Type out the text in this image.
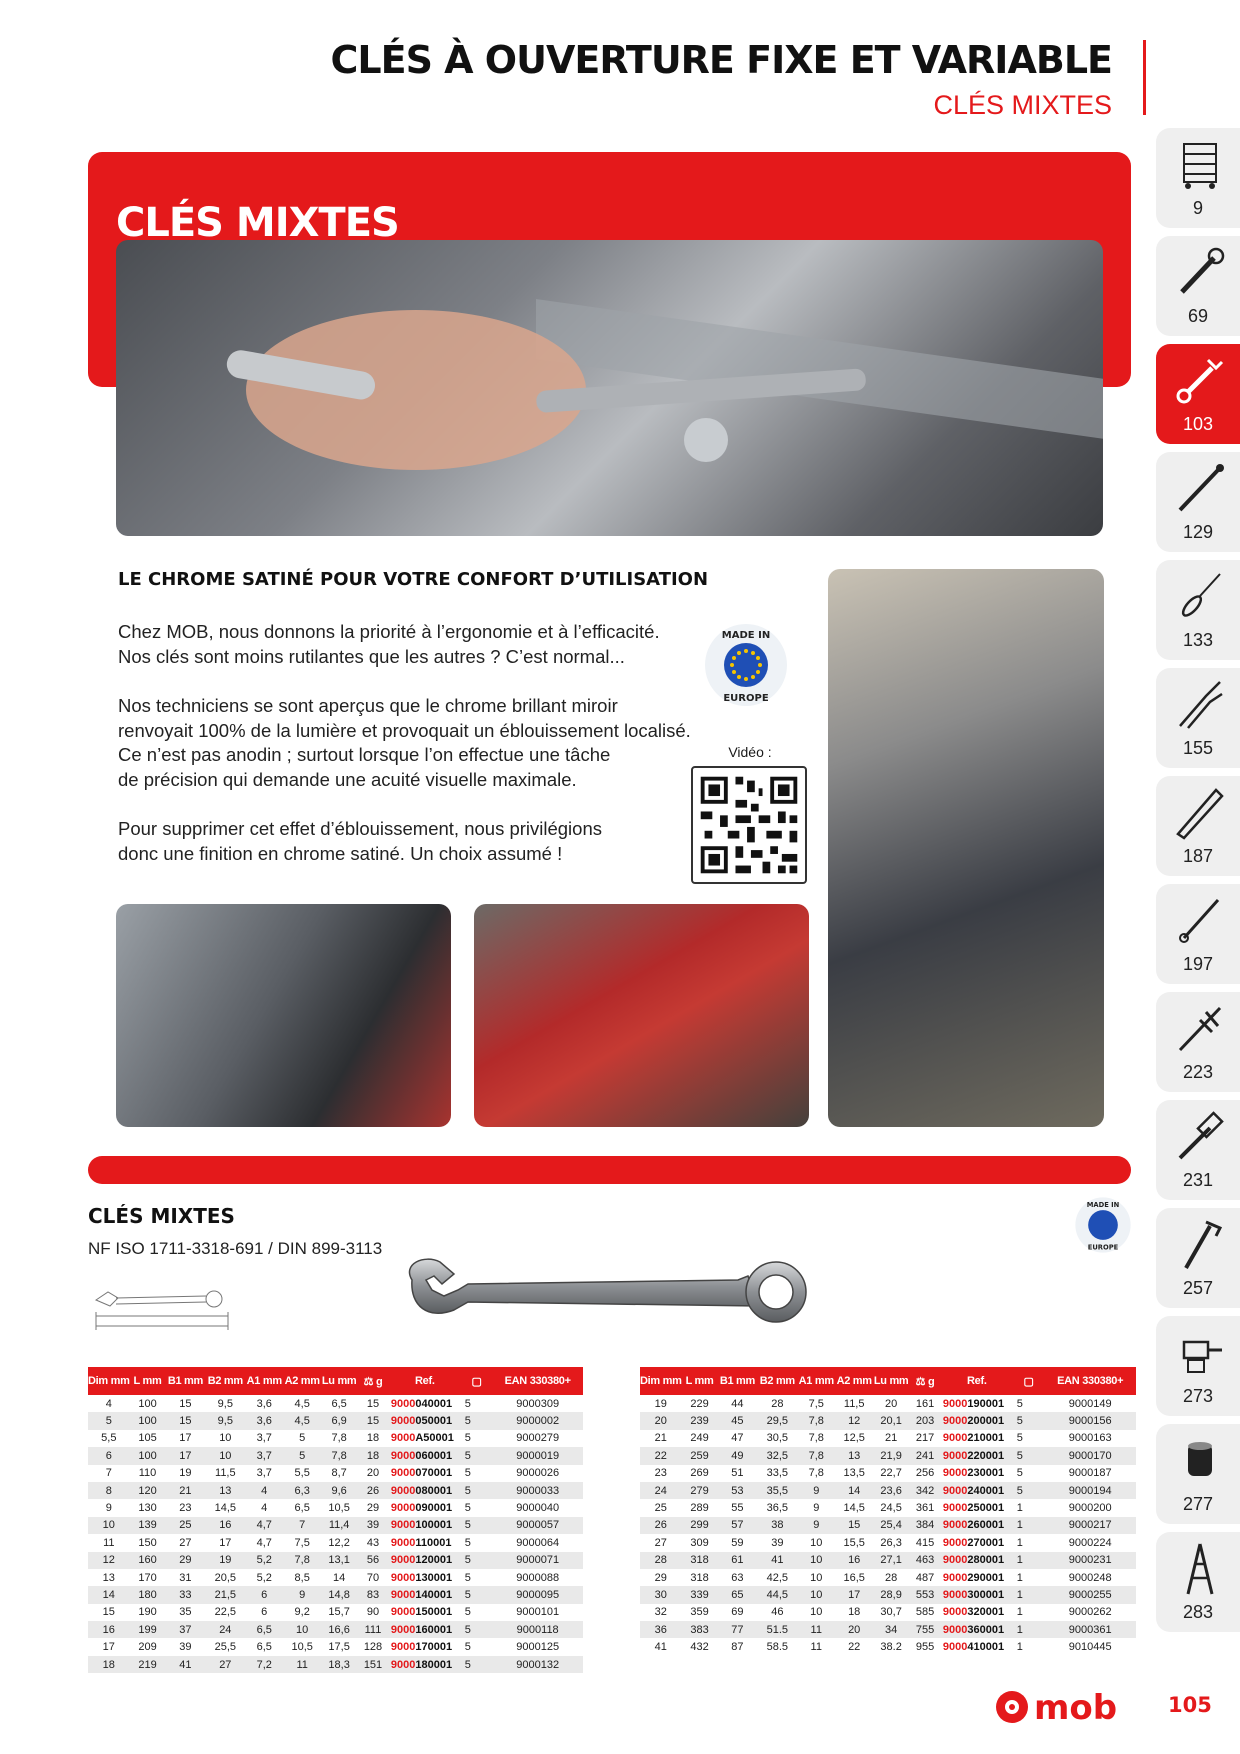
CLÉS À OUVERTURE FIXE ET VARIABLE
CLÉS MIXTES
9
69
103
129
133
155
187
197
223
231
257
273
277
283
CLÉS MIXTES
LE CHROME SATINÉ POUR VOTRE CONFORT D’UTILISATION
Chez MOB, nous donnons la priorité à l’ergonomie et à l’efficacité.
Nos clés sont moins rutilantes que les autres ? C’est normal...
Nos techniciens se sont aperçus que le chrome brillant miroir
renvoyait 100% de la lumière et provoquait un éblouissement localisé.
Ce n’est pas anodin ; surtout lorsque l’on effectue une tâche
de précision qui demande une acuité visuelle maximale.
Pour supprimer cet effet d’éblouissement, nous privilégions
donc une finition en chrome satiné. Un choix assumé !
MADE IN
EUROPE
Vidéo :
CLÉS MIXTES
NF ISO 1711-3318-691 / DIN 899-3113
MADE IN
EUROPE
Dim mm	L mm	B1 mm	B2 mm	A1 mm	A2 mm	Lu mm	⚖ g	Ref.	▢	EAN 330380+
4	100	15	9,5	3,6	4,5	6,5	15	9000040001	5	9000309
5	100	15	9,5	3,6	4,5	6,9	15	9000050001	5	9000002
5,5	105	17	10	3,7	5	7,8	18	9000A50001	5	9000279
6	100	17	10	3,7	5	7,8	18	9000060001	5	9000019
7	110	19	11,5	3,7	5,5	8,7	20	9000070001	5	9000026
8	120	21	13	4	6,3	9,6	26	9000080001	5	9000033
9	130	23	14,5	4	6,5	10,5	29	9000090001	5	9000040
10	139	25	16	4,7	7	11,4	39	9000100001	5	9000057
11	150	27	17	4,7	7,5	12,2	43	9000110001	5	9000064
12	160	29	19	5,2	7,8	13,1	56	9000120001	5	9000071
13	170	31	20,5	5,2	8,5	14	70	9000130001	5	9000088
14	180	33	21,5	6	9	14,8	83	9000140001	5	9000095
15	190	35	22,5	6	9,2	15,7	90	9000150001	5	9000101
16	199	37	24	6,5	10	16,6	111	9000160001	5	9000118
17	209	39	25,5	6,5	10,5	17,5	128	9000170001	5	9000125
18	219	41	27	7,2	11	18,3	151	9000180001	5	9000132
Dim mm	L mm	B1 mm	B2 mm	A1 mm	A2 mm	Lu mm	⚖ g	Ref.	▢	EAN 330380+
19	229	44	28	7,5	11,5	20	161	9000190001	5	9000149
20	239	45	29,5	7,8	12	20,1	203	9000200001	5	9000156
21	249	47	30,5	7,8	12,5	21	217	9000210001	5	9000163
22	259	49	32,5	7,8	13	21,9	241	9000220001	5	9000170
23	269	51	33,5	7,8	13,5	22,7	256	9000230001	5	9000187
24	279	53	35,5	9	14	23,6	342	9000240001	5	9000194
25	289	55	36,5	9	14,5	24,5	361	9000250001	1	9000200
26	299	57	38	9	15	25,4	384	9000260001	1	9000217
27	309	59	39	10	15,5	26,3	415	9000270001	1	9000224
28	318	61	41	10	16	27,1	463	9000280001	1	9000231
29	318	63	42,5	10	16,5	28	487	9000290001	1	9000248
30	339	65	44,5	10	17	28,9	553	9000300001	1	9000255
32	359	69	46	10	18	30,7	585	9000320001	1	9000262
36	383	77	51.5	11	20	34	755	9000360001	1	9000361
41	432	87	58.5	11	22	38.2	955	9000410001	1	9010445
mob 105
